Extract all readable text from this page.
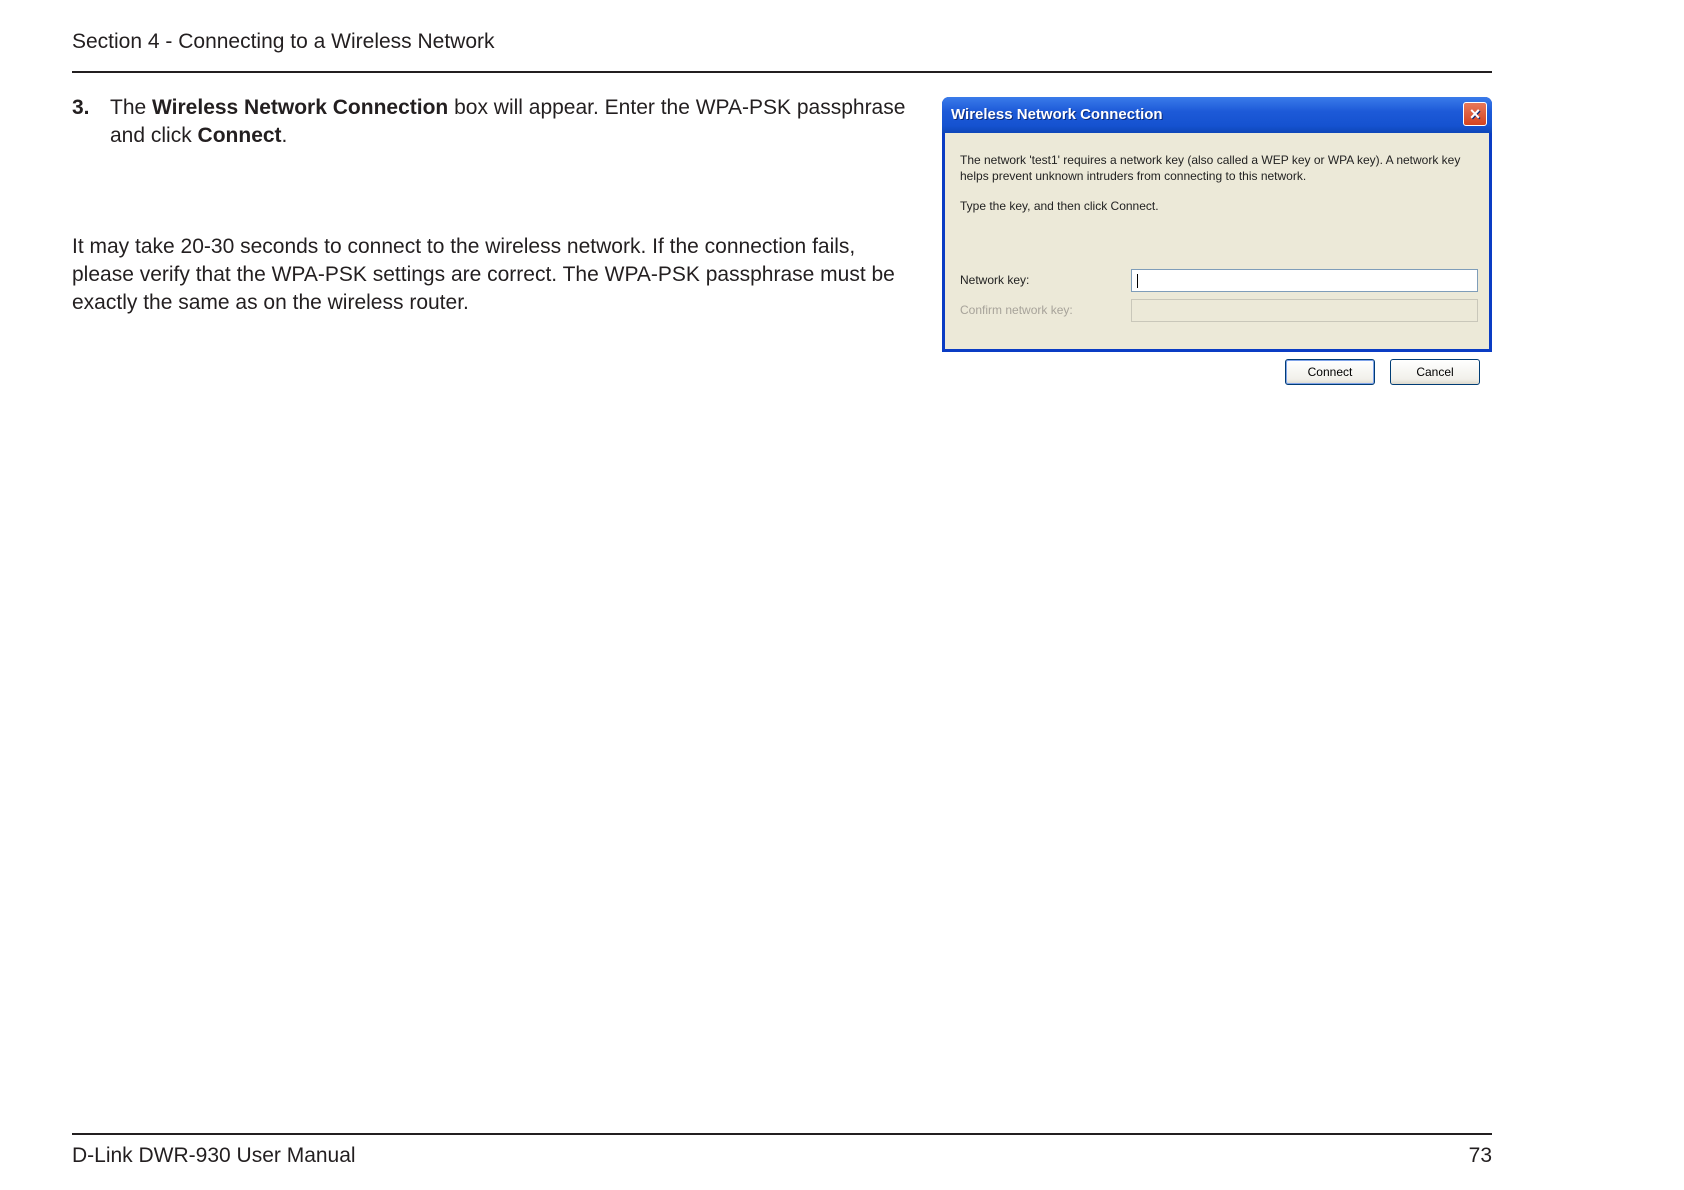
Section 4 - Connecting to a Wireless Network
3. The Wireless Network Connection box will appear. Enter the WPA-PSK passphrase and click Connect.
It may take 20-30 seconds to connect to the wireless network. If the connection fails, please verify that the WPA-PSK settings are correct. The WPA-PSK passphrase must be exactly the same as on the wireless router.
Wireless Network Connection	×
The network 'test1' requires a network key (also called a WEP key or WPA key). A network key helps prevent unknown intruders from connecting to this network.
Type the key, and then click Connect.
Network key:
Confirm network key:
Connect	Cancel
D-Link DWR-930 User Manual	73
